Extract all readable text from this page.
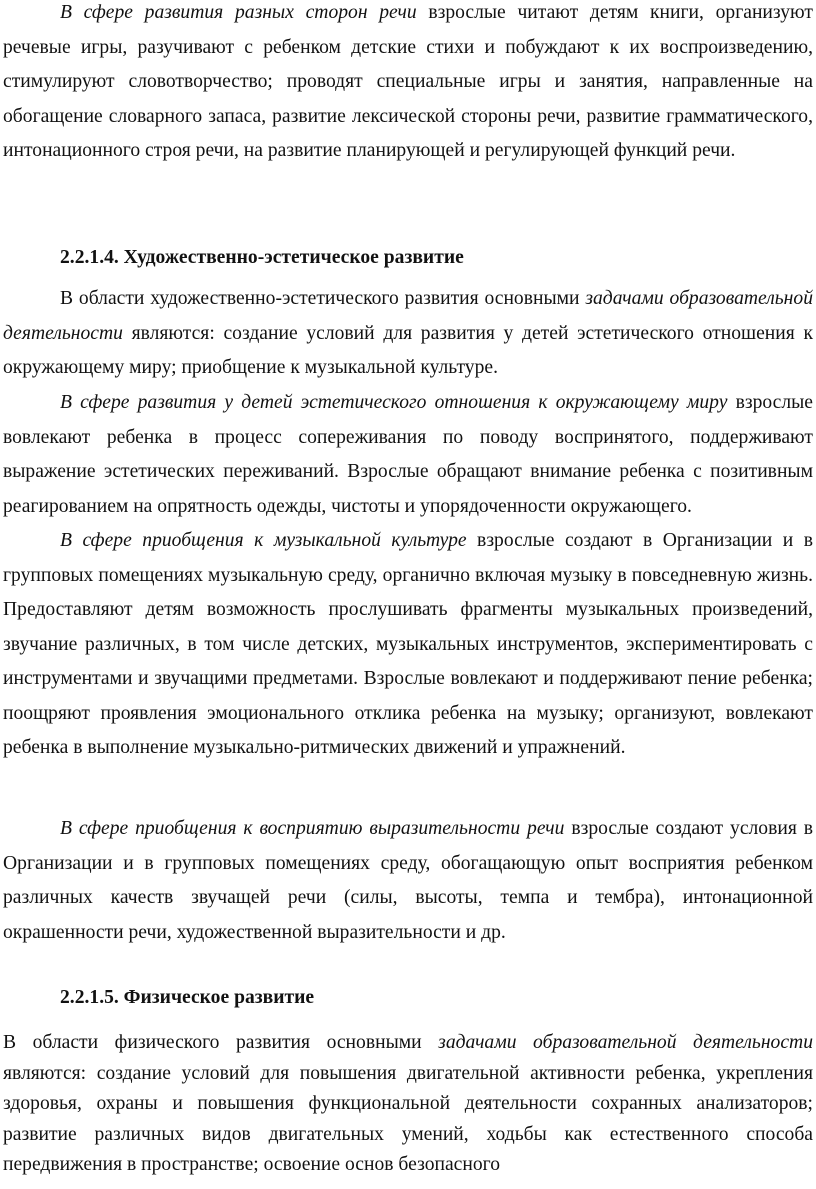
В сфере развития разных сторон речи взрослые читают детям книги, организуют речевые игры, разучивают с ребенком детские стихи и побуждают к их воспроизведению, стимулируют словотворчество; проводят специальные игры и занятия, направленные на обогащение словарного запаса, развитие лексической стороны речи, развитие грамматического, интонационного строя речи, на развитие планирующей и регулирующей функций речи.

2.2.1.4. Художественно-эстетическое развитие

В области художественно-эстетического развития основными задачами образовательной деятельности являются: создание условий для развития у детей эстетического отношения к окружающему миру; приобщение к музыкальной культуре.

В сфере развития у детей эстетического отношения к окружающему миру взрослые вовлекают ребенка в процесс сопереживания по поводу воспринятого, поддерживают выражение эстетических переживаний. Взрослые обращают внимание ребенка с позитивным реагированием на опрятность одежды, чистоты и упорядоченности окружающего.

В сфере приобщения к музыкальной культуре взрослые создают в Организации и в групповых помещениях музыкальную среду, органично включая музыку в повседневную жизнь. Предоставляют детям возможность прослушивать фрагменты музыкальных произведений, звучание различных, в том числе детских, музыкальных инструментов, экспериментировать с инструментами и звучащими предметами. Взрослые вовлекают и поддерживают пение ребенка; поощряют проявления эмоционального отклика ребенка на музыку; организуют, вовлекают ребенка в выполнение музыкально-ритмических движений и упражнений.

В сфере приобщения к восприятию выразительности речи взрослые создают условия в Организации и в групповых помещениях среду, обогащающую опыт восприятия ребенком различных качеств звучащей речи (силы, высоты, темпа и тембра), интонационной окрашенности речи, художественной выразительности и др.

2.2.1.5. Физическое развитие

В области физического развития основными задачами образовательной деятельности являются: создание условий для повышения двигательной активности ребенка, укрепления здоровья, охраны и повышения функциональной деятельности сохранных анализаторов; развитие различных видов двигательных умений, ходьбы как естественного способа передвижения в пространстве; освоение основ безопасного
